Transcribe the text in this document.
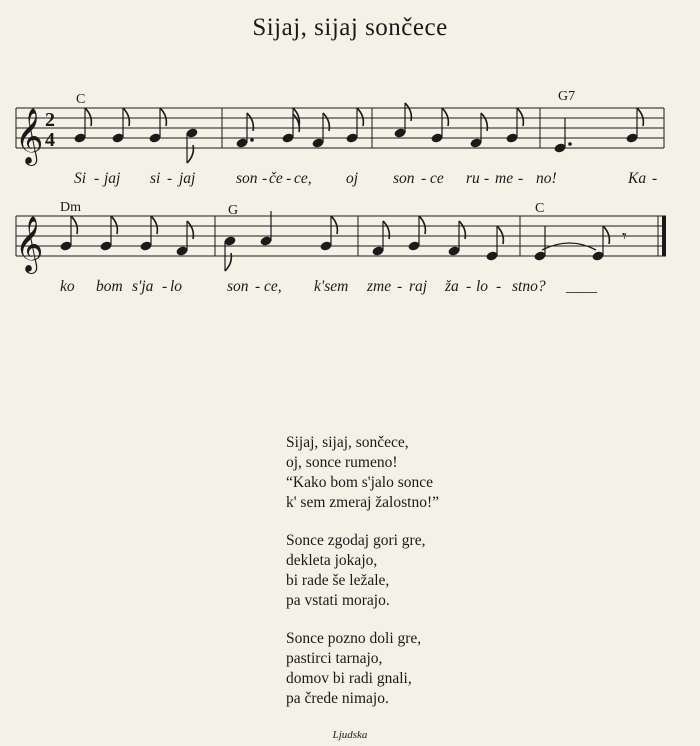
Sijaj, sijaj sončece
𝄞
𝄞
2
4
C	G7
Dm	G	C
𝄾
Si - jaj si - jaj	son - če - ce, oj son - ce ru - me - no!	Ka -
ko bom s'ja - lo	son - ce, k'sem zme - raj ža - lo - stno? ____
Sijaj, sijaj, sončece,
oj, sonce rumeno!
“Kako bom s'jalo sonce
k' sem zmeraj žalostno!”
Sonce zgodaj gori gre,
dekleta jokajo,
bi rade še ležale,
pa vstati morajo.
Sonce pozno doli gre,
pastirci tarnajo,
domov bi radi gnali,
pa črede nimajo.
Ljudska
